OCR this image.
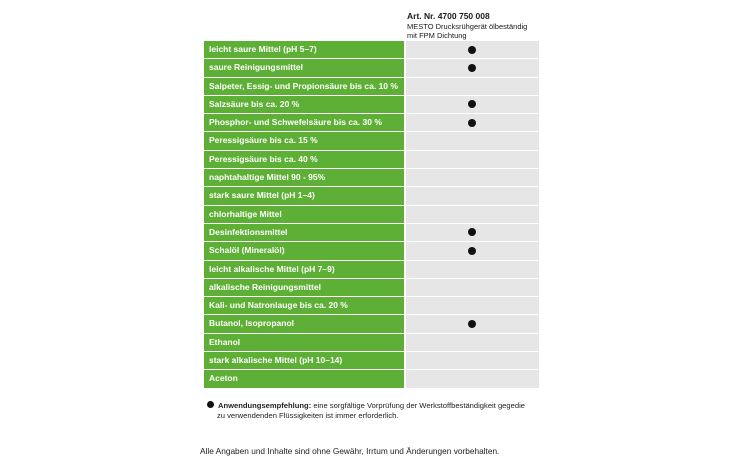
Art. Nr. 4700 750 008
MESTO Drucksrühgerät ölbeständig
mit FPM Dichtung
leicht saure Mittel (pH 5–7)
saure Reinigungsmittel
Salpeter, Essig- und Propionsäure bis ca. 10 %
Salzsäure bis ca. 20 %
Phosphor- und Schwefelsäure bis ca. 30 %
Peressigsäure bis ca. 15 %
Peressigsäure bis ca. 40 %
naphtahaltige Mittel 90 - 95%
stark saure Mittel (pH 1–4)
chlorhaltige Mittel
Desinfektionsmittel
Schalöl (Mineralöl)
leicht alkalische Mittel (pH 7–9)
alkalische Reinigungsmittel
Kali- und Natronlauge bis ca. 20 %
Butanol, Isopropanol
Ethanol
stark alkalische Mittel (pH 10–14)
Aceton
Anwendungsempfehlung: eine sorgfältige Vorprüfung der Werkstoffbeständigkeit gegedie
zu verwendenden Flüssigkeiten ist immer erforderlich.
Alle Angaben und Inhalte sind ohne Gewähr, Irrtum und Änderungen vorbehalten.
